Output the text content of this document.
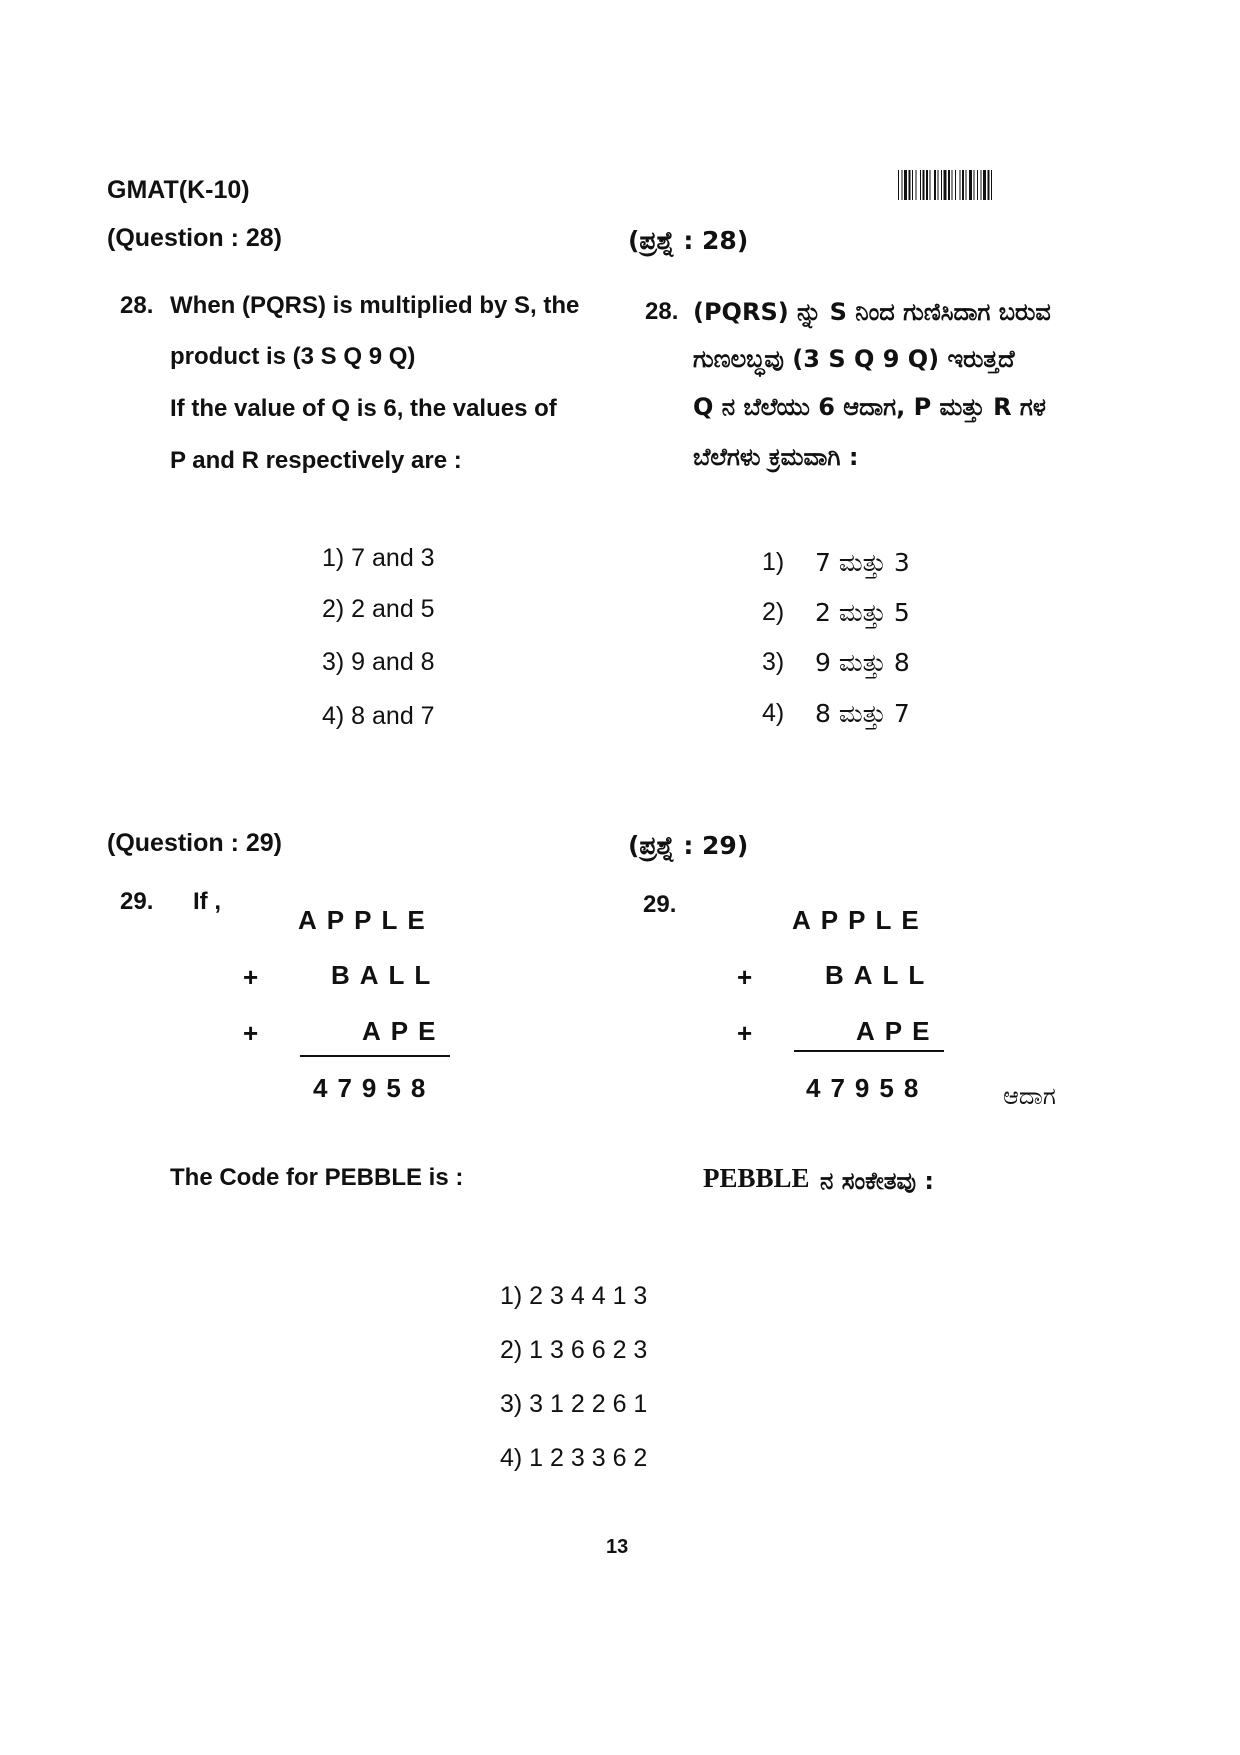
GMAT(K-10)
(Question : 28)	(ಪ್ರಶ್ನೆ : 28)
28. When (PQRS) is multiplied by S, the
product is (3 S Q 9 Q)
If the value of Q is 6, the values of
P and R respectively are :
28. (PQRS) ನ್ನು S ನಿಂದ ಗುಣಿಸಿದಾಗ ಬರುವ
ಗುಣಲಬ್ಧವು (3 S Q 9 Q) ಇರುತ್ತದೆ
Q ನ ಬೆಲೆಯು 6 ಆದಾಗ, P ಮತ್ತು R ಗಳ
ಬೆಲೆಗಳು ಕ್ರಮವಾಗಿ :
1) 7 and 3
2) 2 and 5
3) 9 and 8
4) 8 and 7
1) 7 ಮತ್ತು 3
2) 2 ಮತ್ತು 5
3) 9 ಮತ್ತು 8
4) 8 ಮತ್ತು 7
(Question : 29)	(ಪ್ರಶ್ನೆ : 29)
29. If ,
APPLE
+	BALL
+	APE
47958
29.
APPLE
+	BALL
+	APE
47958	ಆದಾಗ
The Code for PEBBLE is :	PEBBLE ನ ಸಂಕೇತವು :
1) 2 3 4 4 1 3
2) 1 3 6 6 2 3
3) 3 1 2 2 6 1
4) 1 2 3 3 6 2
13
